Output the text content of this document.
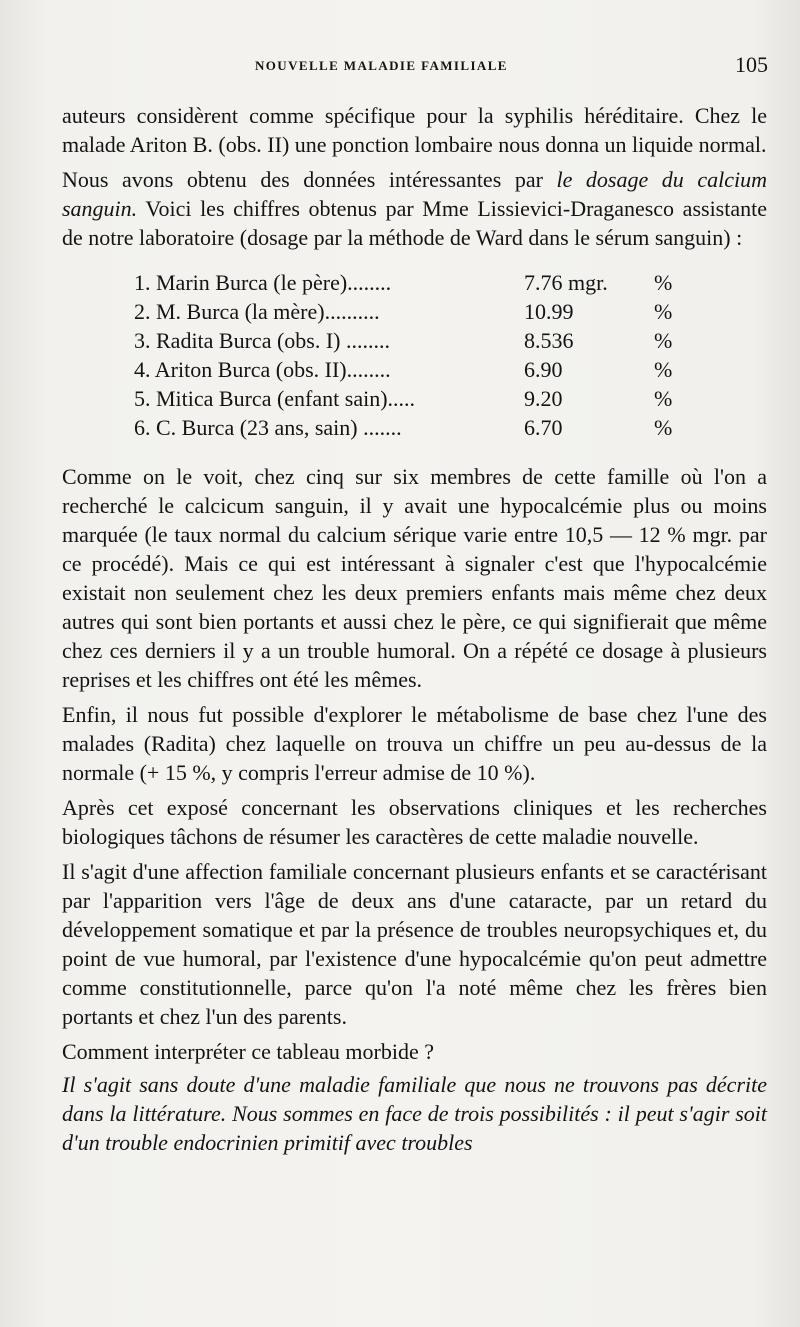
NOUVELLE MALADIE FAMILIALE	105

auteurs considèrent comme spécifique pour la syphilis héréditaire. Chez le malade Ariton B. (obs. II) une ponction lombaire nous donna un liquide normal.

Nous avons obtenu des données intéressantes par le dosage du calcium sanguin. Voici les chiffres obtenus par Mme Lissievici-Draganesco assistante de notre laboratoire (dosage par la méthode de Ward dans le sérum sanguin) :

1. Marin Burca (le père)........	7.76 mgr. %
2. M. Burca (la mère)..........	10.99	%
3. Radita Burca (obs. I) ........	8.536	%
4. Ariton Burca (obs. II)........	6.90	%
5. Mitica Burca (enfant sain).....	9.20	%
6. C. Burca (23 ans, sain) .......	6.70	%

Comme on le voit, chez cinq sur six membres de cette famille où l'on a recherché le calcicum sanguin, il y avait une hypocalcémie plus ou moins marquée (le taux normal du calcium sérique varie entre 10,5 — 12 % mgr. par ce procédé). Mais ce qui est intéressant à signaler c'est que l'hypocalcémie existait non seulement chez les deux premiers enfants mais même chez deux autres qui sont bien portants et aussi chez le père, ce qui signifierait que même chez ces derniers il y a un trouble humoral. On a répété ce dosage à plusieurs reprises et les chiffres ont été les mêmes.

Enfin, il nous fut possible d'explorer le métabolisme de base chez l'une des malades (Radita) chez laquelle on trouva un chiffre un peu au-dessus de la normale (+ 15 %, y compris l'erreur admise de 10 %).

Après cet exposé concernant les observations cliniques et les recherches biologiques tâchons de résumer les caractères de cette maladie nouvelle.

Il s'agit d'une affection familiale concernant plusieurs enfants et se caractérisant par l'apparition vers l'âge de deux ans d'une cataracte, par un retard du développement somatique et par la présence de troubles neuropsychiques et, du point de vue humoral, par l'existence d'une hypocalcémie qu'on peut admettre comme constitutionnelle, parce qu'on l'a noté même chez les frères bien portants et chez l'un des parents.

Comment interpréter ce tableau morbide ?

Il s'agit sans doute d'une maladie familiale que nous ne trouvons pas décrite dans la littérature. Nous sommes en face de trois possibilités : il peut s'agir soit d'un trouble endocrinien primitif avec troubles
